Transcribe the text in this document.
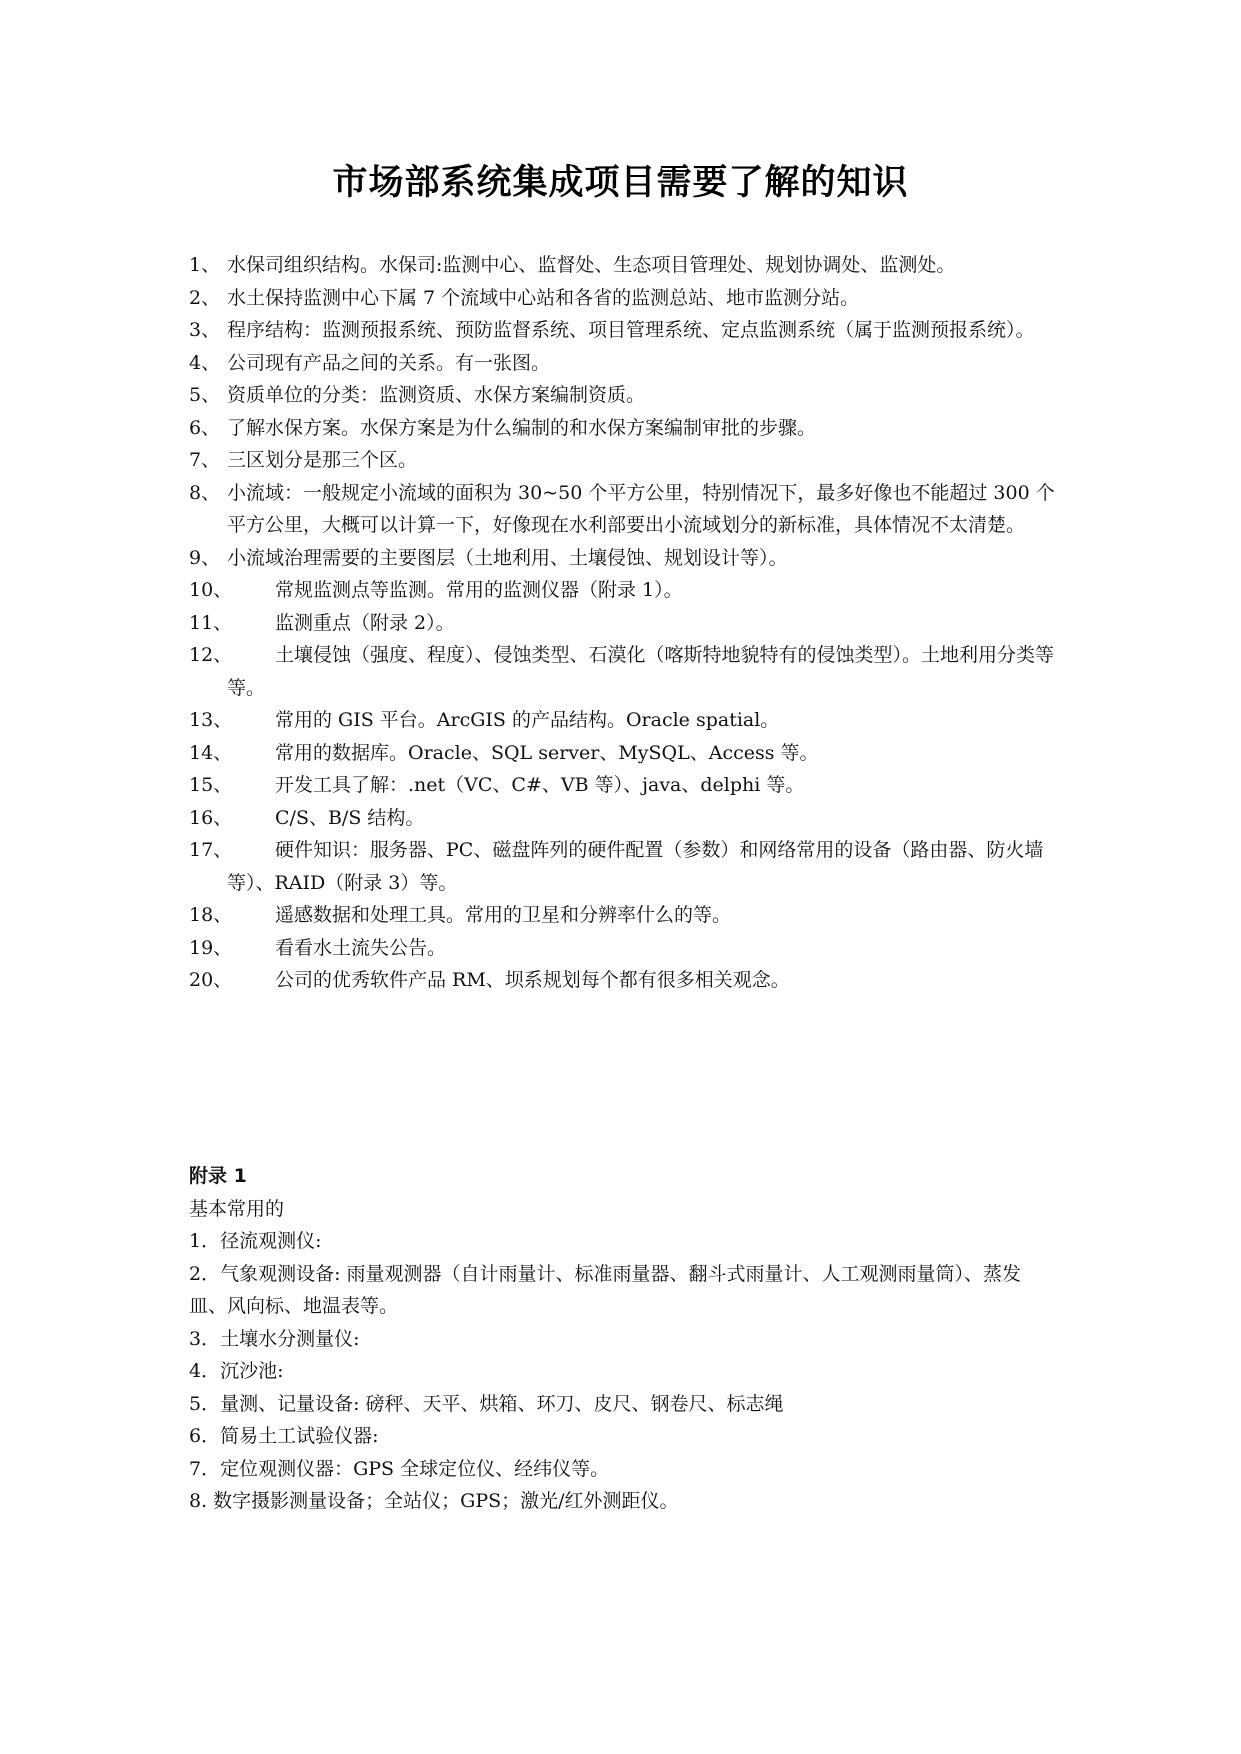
市场部系统集成项目需要了解的知识
1、 水保司组织结构。水保司:监测中心、监督处、生态项目管理处、规划协调处、监测处。
2、 水土保持监测中心下属 7 个流域中心站和各省的监测总站、地市监测分站。
3、 程序结构：监测预报系统、预防监督系统、项目管理系统、定点监测系统（属于监测预报系统）。
4、 公司现有产品之间的关系。有一张图。
5、 资质单位的分类：监测资质、水保方案编制资质。
6、 了解水保方案。水保方案是为什么编制的和水保方案编制审批的步骤。
7、 三区划分是那三个区。
8、 小流域：一般规定小流域的面积为 30~50 个平方公里，特别情况下，最多好像也不能超过 300 个平方公里，大概可以计算一下，好像现在水利部要出小流域划分的新标准，具体情况不太清楚。
9、 小流域治理需要的主要图层（土地利用、土壤侵蚀、规划设计等）。
10、 常规监测点等监测。常用的监测仪器（附录 1）。
11、 监测重点（附录 2）。
12、 土壤侵蚀（强度、程度）、侵蚀类型、石漠化（喀斯特地貌特有的侵蚀类型）。土地利用分类等等。
13、 常用的 GIS 平台。ArcGIS 的产品结构。Oracle spatial。
14、 常用的数据库。Oracle、SQL server、MySQL、Access 等。
15、 开发工具了解：.net（VC、C#、VB 等）、java、delphi 等。
16、 C/S、B/S 结构。
17、 硬件知识：服务器、PC、磁盘阵列的硬件配置（参数）和网络常用的设备（路由器、防火墙等）、RAID（附录 3）等。
18、 遥感数据和处理工具。常用的卫星和分辨率什么的等。
19、 看看水土流失公告。
20、 公司的优秀软件产品 RM、坝系规划每个都有很多相关观念。
附录 1
基本常用的
1．径流观测仪:
2．气象观测设备: 雨量观测器（自计雨量计、标准雨量器、翻斗式雨量计、人工观测雨量筒）、蒸发皿、风向标、地温表等。
3．土壤水分测量仪:
4．沉沙池:
5．量测、记量设备: 磅秤、天平、烘箱、环刀、皮尺、钢卷尺、标志绳
6．简易土工试验仪器:
7．定位观测仪器：GPS 全球定位仪、经纬仪等。
8. 数字摄影测量设备；全站仪；GPS；激光/红外测距仪。
